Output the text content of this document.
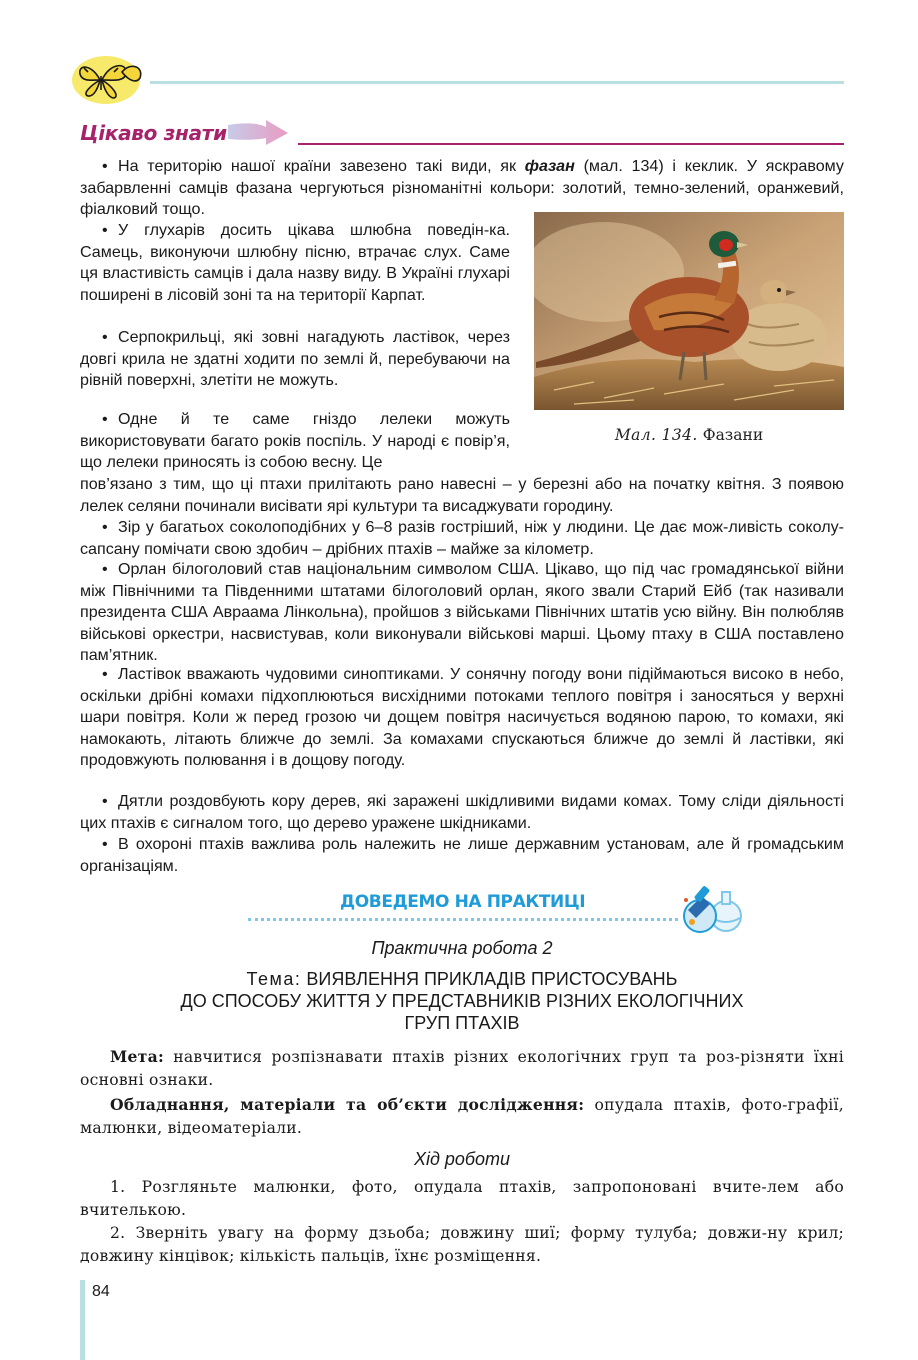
Цікаво знати

• На територію нашої країни завезено такі види, як фазан (мал. 134) і кеклик. У яскравому забарвленні самців фазана чергуються різноманітні кольори: золотий, темно-зелений, оранжевий, фіалковий тощо.

• У глухарів досить цікава шлюбна поведін-ка. Самець, виконуючи шлюбну пісню, втрачає слух. Саме ця властивість самців і дала назву виду. В Україні глухарі поширені в лісовій зоні та на території Карпат.

• Серпокрильці, які зовні нагадують ластівок, через довгі крила не здатні ходити по землі й, перебуваючи на рівній поверхні, злетіти не можуть.

• Одне й те саме гніздо лелеки можуть використовувати багато років поспіль. У народі є повір’я, що лелеки приносять із собою весну. Це

пов’язано з тим, що ці птахи прилітають рано навесні – у березні або на початку квітня. З появою лелек селяни починали висівати ярі культури та висаджувати городину.

• Зір у багатьох соколоподібних у 6–8 разів гостріший, ніж у людини. Це дає мож-ливість соколу-сапсану помічати свою здобич – дрібних птахів – майже за кілометр.

• Орлан білоголовий став національним символом США. Цікаво, що під час громадянської війни між Північними та Південними штатами білоголовий орлан, якого звали Старий Ейб (так називали президента США Авраама Лінкольна), пройшов з військами Північних штатів усю війну. Він полюбляв військові оркестри, насвистував, коли виконували військові марші. Цьому птаху в США поставлено пам’ятник.

• Ластівок вважають чудовими синоптиками. У сонячну погоду вони підіймаються високо в небо, оскільки дрібні комахи підхоплюються висхідними потоками теплого повітря і заносяться у верхні шари повітря. Коли ж перед грозою чи дощем повітря насичується водяною парою, то комахи, які намокають, літають ближче до землі. За комахами спускаються ближче до землі й ластівки, які продовжують полювання і в дощову погоду.

• Дятли роздовбують кору дерев, які заражені шкідливими видами комах. Тому сліди діяльності цих птахів є сигналом того, що дерево уражене шкідниками.

• В охороні птахів важлива роль належить не лише державним установам, але й громадським організаціям.

Мал. 134. Фазани
ДОВЕДЕМО НА ПРАКТИЦІ
Практична робота 2
Тема: ВИЯВЛЕННЯ ПРИКЛАДІВ ПРИСТОСУВАНЬ
ДО СПОСОБУ ЖИТТЯ У ПРЕДСТАВНИКІВ РІЗНИХ ЕКОЛОГІЧНИХ
ГРУП ПТАХІВ

Мета: навчитися розпізнавати птахів різних екологічних груп та роз-різняти їхні основні ознаки.

Обладнання, матеріали та об’єкти дослідження: опудала птахів, фото-графії, малюнки, відеоматеріали.

Хід роботи

1. Розгляньте малюнки, фото, опудала птахів, запропоновані вчите-лем або вчителькою.

2. Зверніть увагу на форму дзьоба; довжину шиї; форму тулуба; довжи-ну крил; довжину кінцівок; кількість пальців, їхнє розміщення.

84
